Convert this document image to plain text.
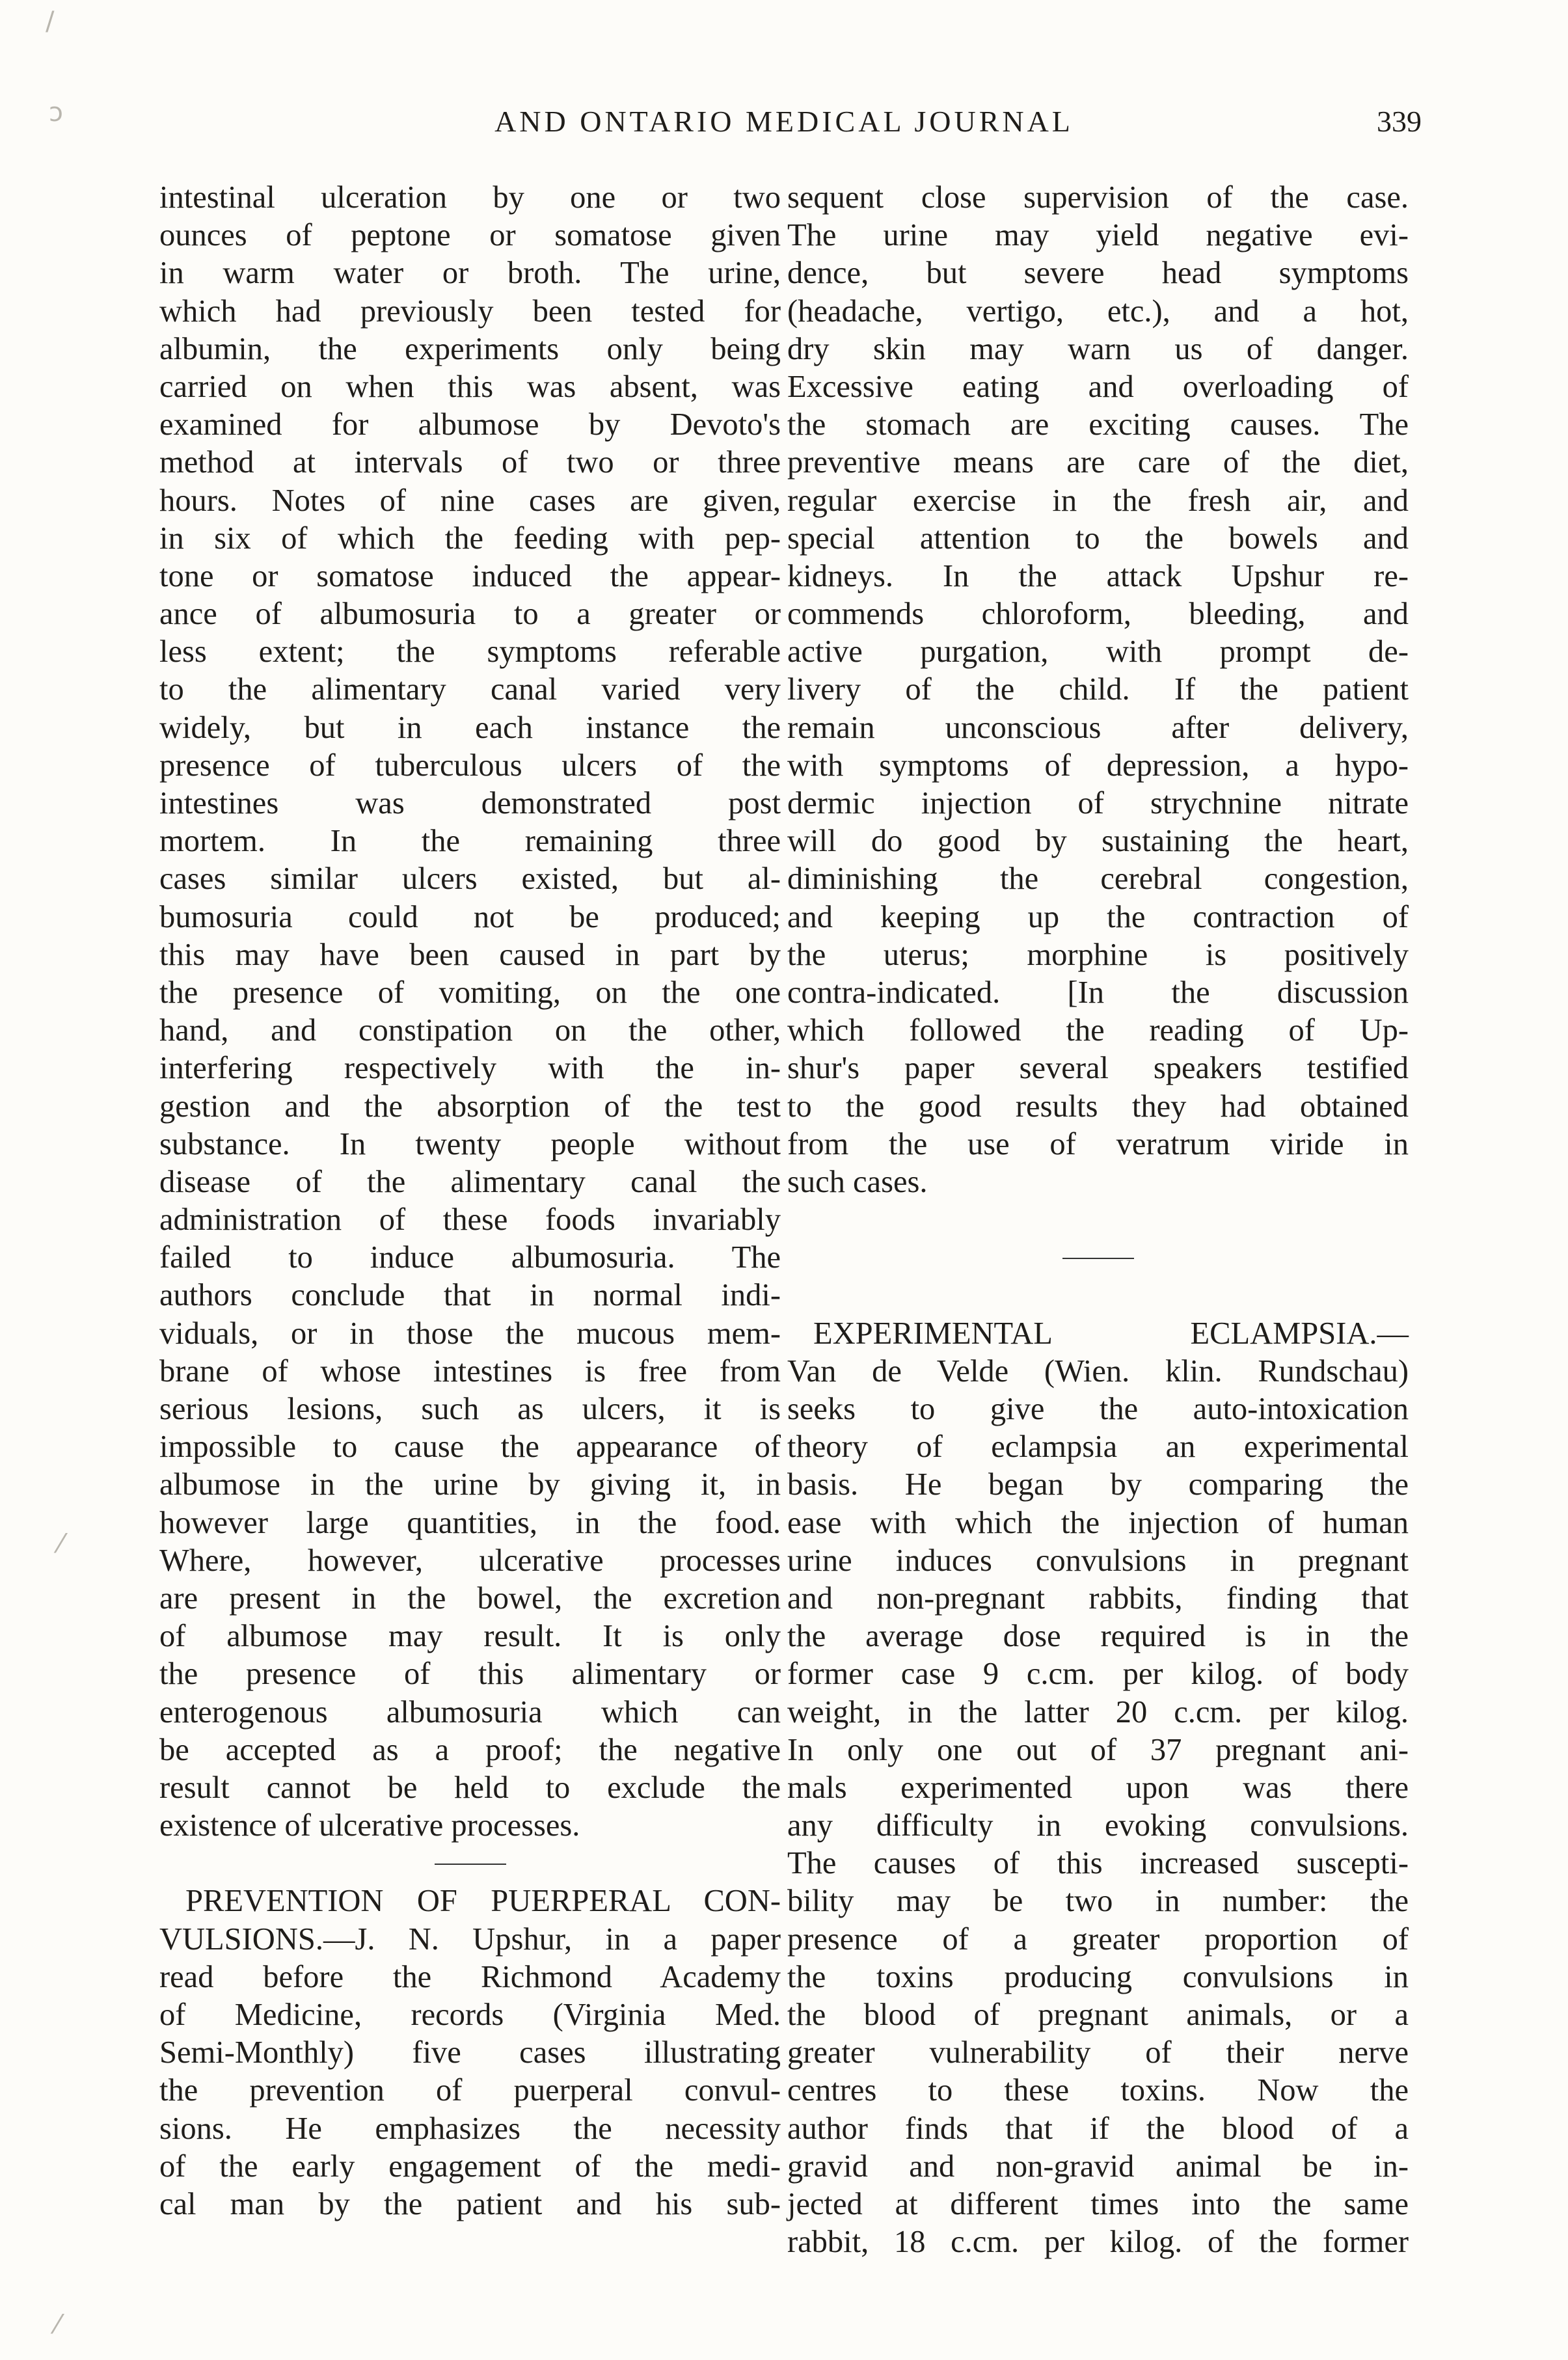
AND ONTARIO MEDICAL JOURNAL	339
/
ↄ
⁄
⁄
intestinal ulceration by one or two
ounces of peptone or somatose given
in warm water or broth. The urine,
which had previously been tested for
albumin, the experiments only being
carried on when this was absent, was
examined for albumose by Devoto's
method at intervals of two or three
hours. Notes of nine cases are given,
in six of which the feeding with pep-
tone or somatose induced the appear-
ance of albumosuria to a greater or
less extent; the symptoms referable
to the alimentary canal varied very
widely, but in each instance the
presence of tuberculous ulcers of the
intestines was demonstrated post
mortem. In the remaining three
cases similar ulcers existed, but al-
bumosuria could not be produced;
this may have been caused in part by
the presence of vomiting, on the one
hand, and constipation on the other,
interfering respectively with the in-
gestion and the absorption of the test
substance. In twenty people without
disease of the alimentary canal the
administration of these foods invariably
failed to induce albumosuria. The
authors conclude that in normal indi-
viduals, or in those the mucous mem-
brane of whose intestines is free from
serious lesions, such as ulcers, it is
impossible to cause the appearance of
albumose in the urine by giving it, in
however large quantities, in the food.
Where, however, ulcerative processes
are present in the bowel, the excretion
of albumose may result. It is only
the presence of this alimentary or
enterogenous albumosuria which can
be accepted as a proof; the negative
result cannot be held to exclude the
existence of ulcerative processes.
PREVENTION OF PUERPERAL CON-
VULSIONS.—J. N. Upshur, in a paper
read before the Richmond Academy
of Medicine, records (Virginia Med.
Semi-Monthly) five cases illustrating
the prevention of puerperal convul-
sions. He emphasizes the necessity
of the early engagement of the medi-
cal man by the patient and his sub-
sequent close supervision of the case.
The urine may yield negative evi-
dence, but severe head symptoms
(headache, vertigo, etc.), and a hot,
dry skin may warn us of danger.
Excessive eating and overloading of
the stomach are exciting causes. The
preventive means are care of the diet,
regular exercise in the fresh air, and
special attention to the bowels and
kidneys. In the attack Upshur re-
commends chloroform, bleeding, and
active purgation, with prompt de-
livery of the child. If the patient
remain unconscious after delivery,
with symptoms of depression, a hypo-
dermic injection of strychnine nitrate
will do good by sustaining the heart,
diminishing the cerebral congestion,
and keeping up the contraction of
the uterus; morphine is positively
contra-indicated. [In the discussion
which followed the reading of Up-
shur's paper several speakers testified
to the good results they had obtained
from the use of veratrum viride in
such cases.
EXPERIMENTAL ECLAMPSIA.—
Van de Velde (Wien. klin. Rundschau)
seeks to give the auto-intoxication
theory of eclampsia an experimental
basis. He began by comparing the
ease with which the injection of human
urine induces convulsions in pregnant
and non-pregnant rabbits, finding that
the average dose required is in the
former case 9 c.cm. per kilog. of body
weight, in the latter 20 c.cm. per kilog.
In only one out of 37 pregnant ani-
mals experimented upon was there
any difficulty in evoking convulsions.
The causes of this increased suscepti-
bility may be two in number: the
presence of a greater proportion of
the toxins producing convulsions in
the blood of pregnant animals, or a
greater vulnerability of their nerve
centres to these toxins. Now the
author finds that if the blood of a
gravid and non-gravid animal be in-
jected at different times into the same
rabbit, 18 c.cm. per kilog. of the former
